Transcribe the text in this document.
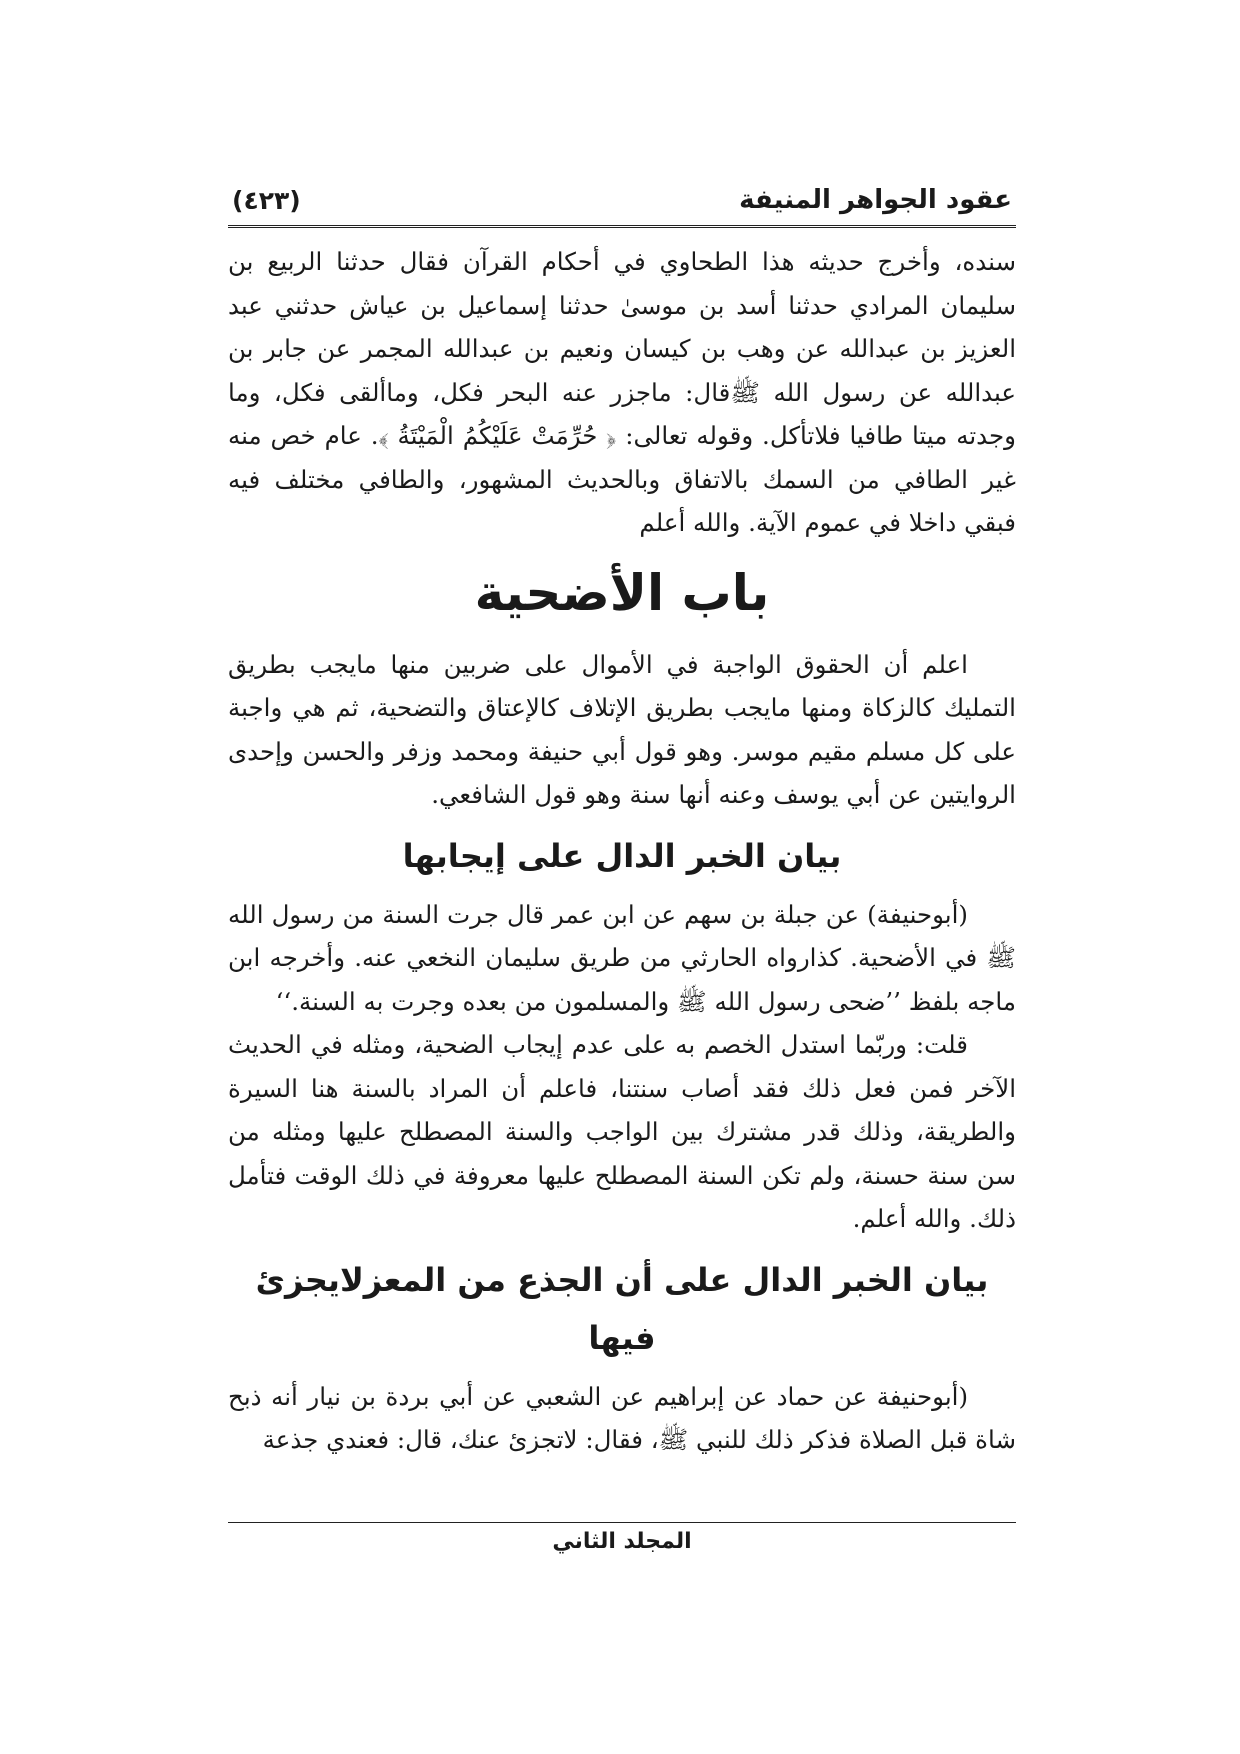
عقود الجواهر المنيفة
(٤٢٣)

سنده، وأخرج حديثه هذا الطحاوي في أحكام القرآن فقال حدثنا الربيع بن سليمان المرادي حدثنا أسد بن موسىٰ حدثنا إسماعيل بن عياش حدثني عبد العزيز بن عبدالله عن وهب بن كيسان ونعيم بن عبدالله المجمر عن جابر بن عبدالله عن رسول الله ﷺقال: ماجزر عنه البحر فكل، وماألقى فكل، وما وجدته ميتا طافيا فلاتأكل. وقوله تعالى: ﴿ حُرِّمَتْ عَلَيْكُمُ الْمَيْتَةُ ﴾. عام خص منه غير الطافي من السمك بالاتفاق وبالحديث المشهور، والطافي مختلف فيه فبقي داخلا في عموم الآية. والله أعلم

باب الأضحية

اعلم أن الحقوق الواجبة في الأموال على ضربين منها مايجب بطريق التمليك كالزكاة ومنها مايجب بطريق الإتلاف كالإعتاق والتضحية، ثم هي واجبة على كل مسلم مقيم موسر. وهو قول أبي حنيفة ومحمد وزفر والحسن وإحدى الروايتين عن أبي يوسف وعنه أنها سنة وهو قول الشافعي.

بيان الخبر الدال على إيجابها

(أبوحنيفة) عن جبلة بن سهم عن ابن عمر قال جرت السنة من رسول الله ﷺ في الأضحية. كذارواه الحارثي من طريق سليمان النخعي عنه. وأخرجه ابن ماجه بلفظ ’’ضحى رسول الله ﷺ والمسلمون من بعده وجرت به السنة.‘‘

قلت: وربّما استدل الخصم به على عدم إيجاب الضحية، ومثله في الحديث الآخر فمن فعل ذلك فقد أصاب سنتنا، فاعلم أن المراد بالسنة هنا السيرة والطريقة، وذلك قدر مشترك بين الواجب والسنة المصطلح عليها ومثله من سن سنة حسنة، ولم تكن السنة المصطلح عليها معروفة في ذلك الوقت فتأمل ذلك. والله أعلم.

بيان الخبر الدال على أن الجذع من المعزلايجزئ فيها

(أبوحنيفة عن حماد عن إبراهيم عن الشعبي عن أبي بردة بن نيار أنه ذبح شاة قبل الصلاة فذكر ذلك للنبي ﷺ، فقال: لاتجزئ عنك، قال: فعندي جذعة

المجلد الثاني
